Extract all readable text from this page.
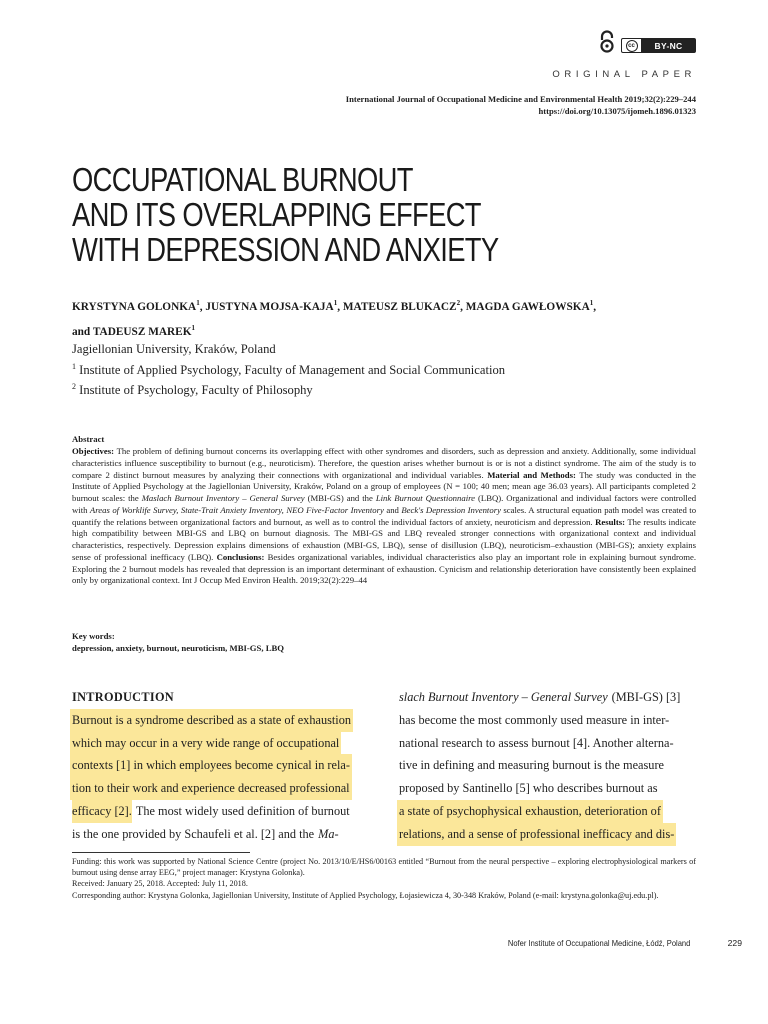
cc	BY-NC
ORIGINAL PAPER
International Journal of Occupational Medicine and Environmental Health 2019;32(2):229–244
https://doi.org/10.13075/ijomeh.1896.01323
OCCUPATIONAL BURNOUT
AND ITS OVERLAPPING EFFECT
WITH DEPRESSION AND ANXIETY
KRYSTYNA GOLONKA$^1$, JUSTYNA MOJSA-KAJA$^1$, MATEUSZ BLUKACZ$^2$, MAGDA GAWŁOWSKA$^1$,
and TADEUSZ MAREK$^1$
Jagiellonian University, Kraków, Poland
$^1$ Institute of Applied Psychology, Faculty of Management and Social Communication
$^2$ Institute of Psychology, Faculty of Philosophy
Abstract
Objectives: The problem of defining burnout concerns its overlapping effect with other syndromes and disorders, such as depression and anxiety. Additionally, some individual characteristics influence susceptibility to burnout (e.g., neuroticism). Therefore, the question arises whether burnout is or is not a distinct syndrome. The aim of the study is to compare 2 distinct burnout measures by analyzing their connections with organizational and individual variables. Material and Methods: The study was conducted in the Institute of Applied Psychology at the Jagiellonian University, Kraków, Poland on a group of employees (N = 100; 40 men; mean age 36.03 years). All participants completed 2 burnout scales: the Maslach Burnout Inventory – General Survey (MBI-GS) and the Link Burnout Questionnaire (LBQ). Organizational and individual factors were controlled with Areas of Worklife Survey, State-Trait Anxiety Inventory, NEO Five-Factor Inventory and Beck's Depression Inventory scales. A structural equation path model was created to quantify the relations between organizational factors and burnout, as well as to control the individual factors of anxiety, neuroticism and depression. Results: The results indicate high compatibility between MBI-GS and LBQ on burnout diagnosis. The MBI-GS and LBQ revealed stronger connections with organizational context and individual characteristics, respectively. Depression explains dimensions of exhaustion (MBI-GS, LBQ), sense of disillusion (LBQ), neuroticism–exhaustion (MBI-GS); anxiety explains sense of professional inefficacy (LBQ). Conclusions: Besides organizational variables, individual characteristics also play an important role in explaining burnout syndrome. Exploring the 2 burnout models has revealed that depression is an important determinant of exhaustion. Cynicism and relationship deterioration have consistently been explained only by organizational context. Int J Occup Med Environ Health. 2019;32(2):229–44
Key words:
depression, anxiety, burnout, neuroticism, MBI-GS, LBQ
INTRODUCTION
Burnout is a syndrome described as a state of exhaustion
which may occur in a very wide range of occupational
contexts [1] in which employees become cynical in rela-
tion to their work and experience decreased professional
efficacy [2]. The most widely used definition of burnout
is the one provided by Schaufeli et al. [2] and the Ma-
slach Burnout Inventory – General Survey (MBI-GS) [3]
has become the most commonly used measure in inter-
national research to assess burnout [4]. Another alterna-
tive in defining and measuring burnout is the measure
proposed by Santinello [5] who describes burnout as
a state of psychophysical exhaustion, deterioration of
relations, and a sense of professional inefficacy and dis-
Funding: this work was supported by National Science Centre (project No. 2013/10/E/HS6/00163 entitled “Burnout from the neural perspective – exploring electrophysiological markers of burnout using dense array EEG,” project manager: Krystyna Golonka).
Received: January 25, 2018. Accepted: July 11, 2018.
Corresponding author: Krystyna Golonka, Jagiellonian University, Institute of Applied Psychology, Łojasiewicza 4, 30-348 Kraków, Poland (e-mail: krystyna.golonka@uj.edu.pl).
Nofer Institute of Occupational Medicine, Łódź, Poland	229
